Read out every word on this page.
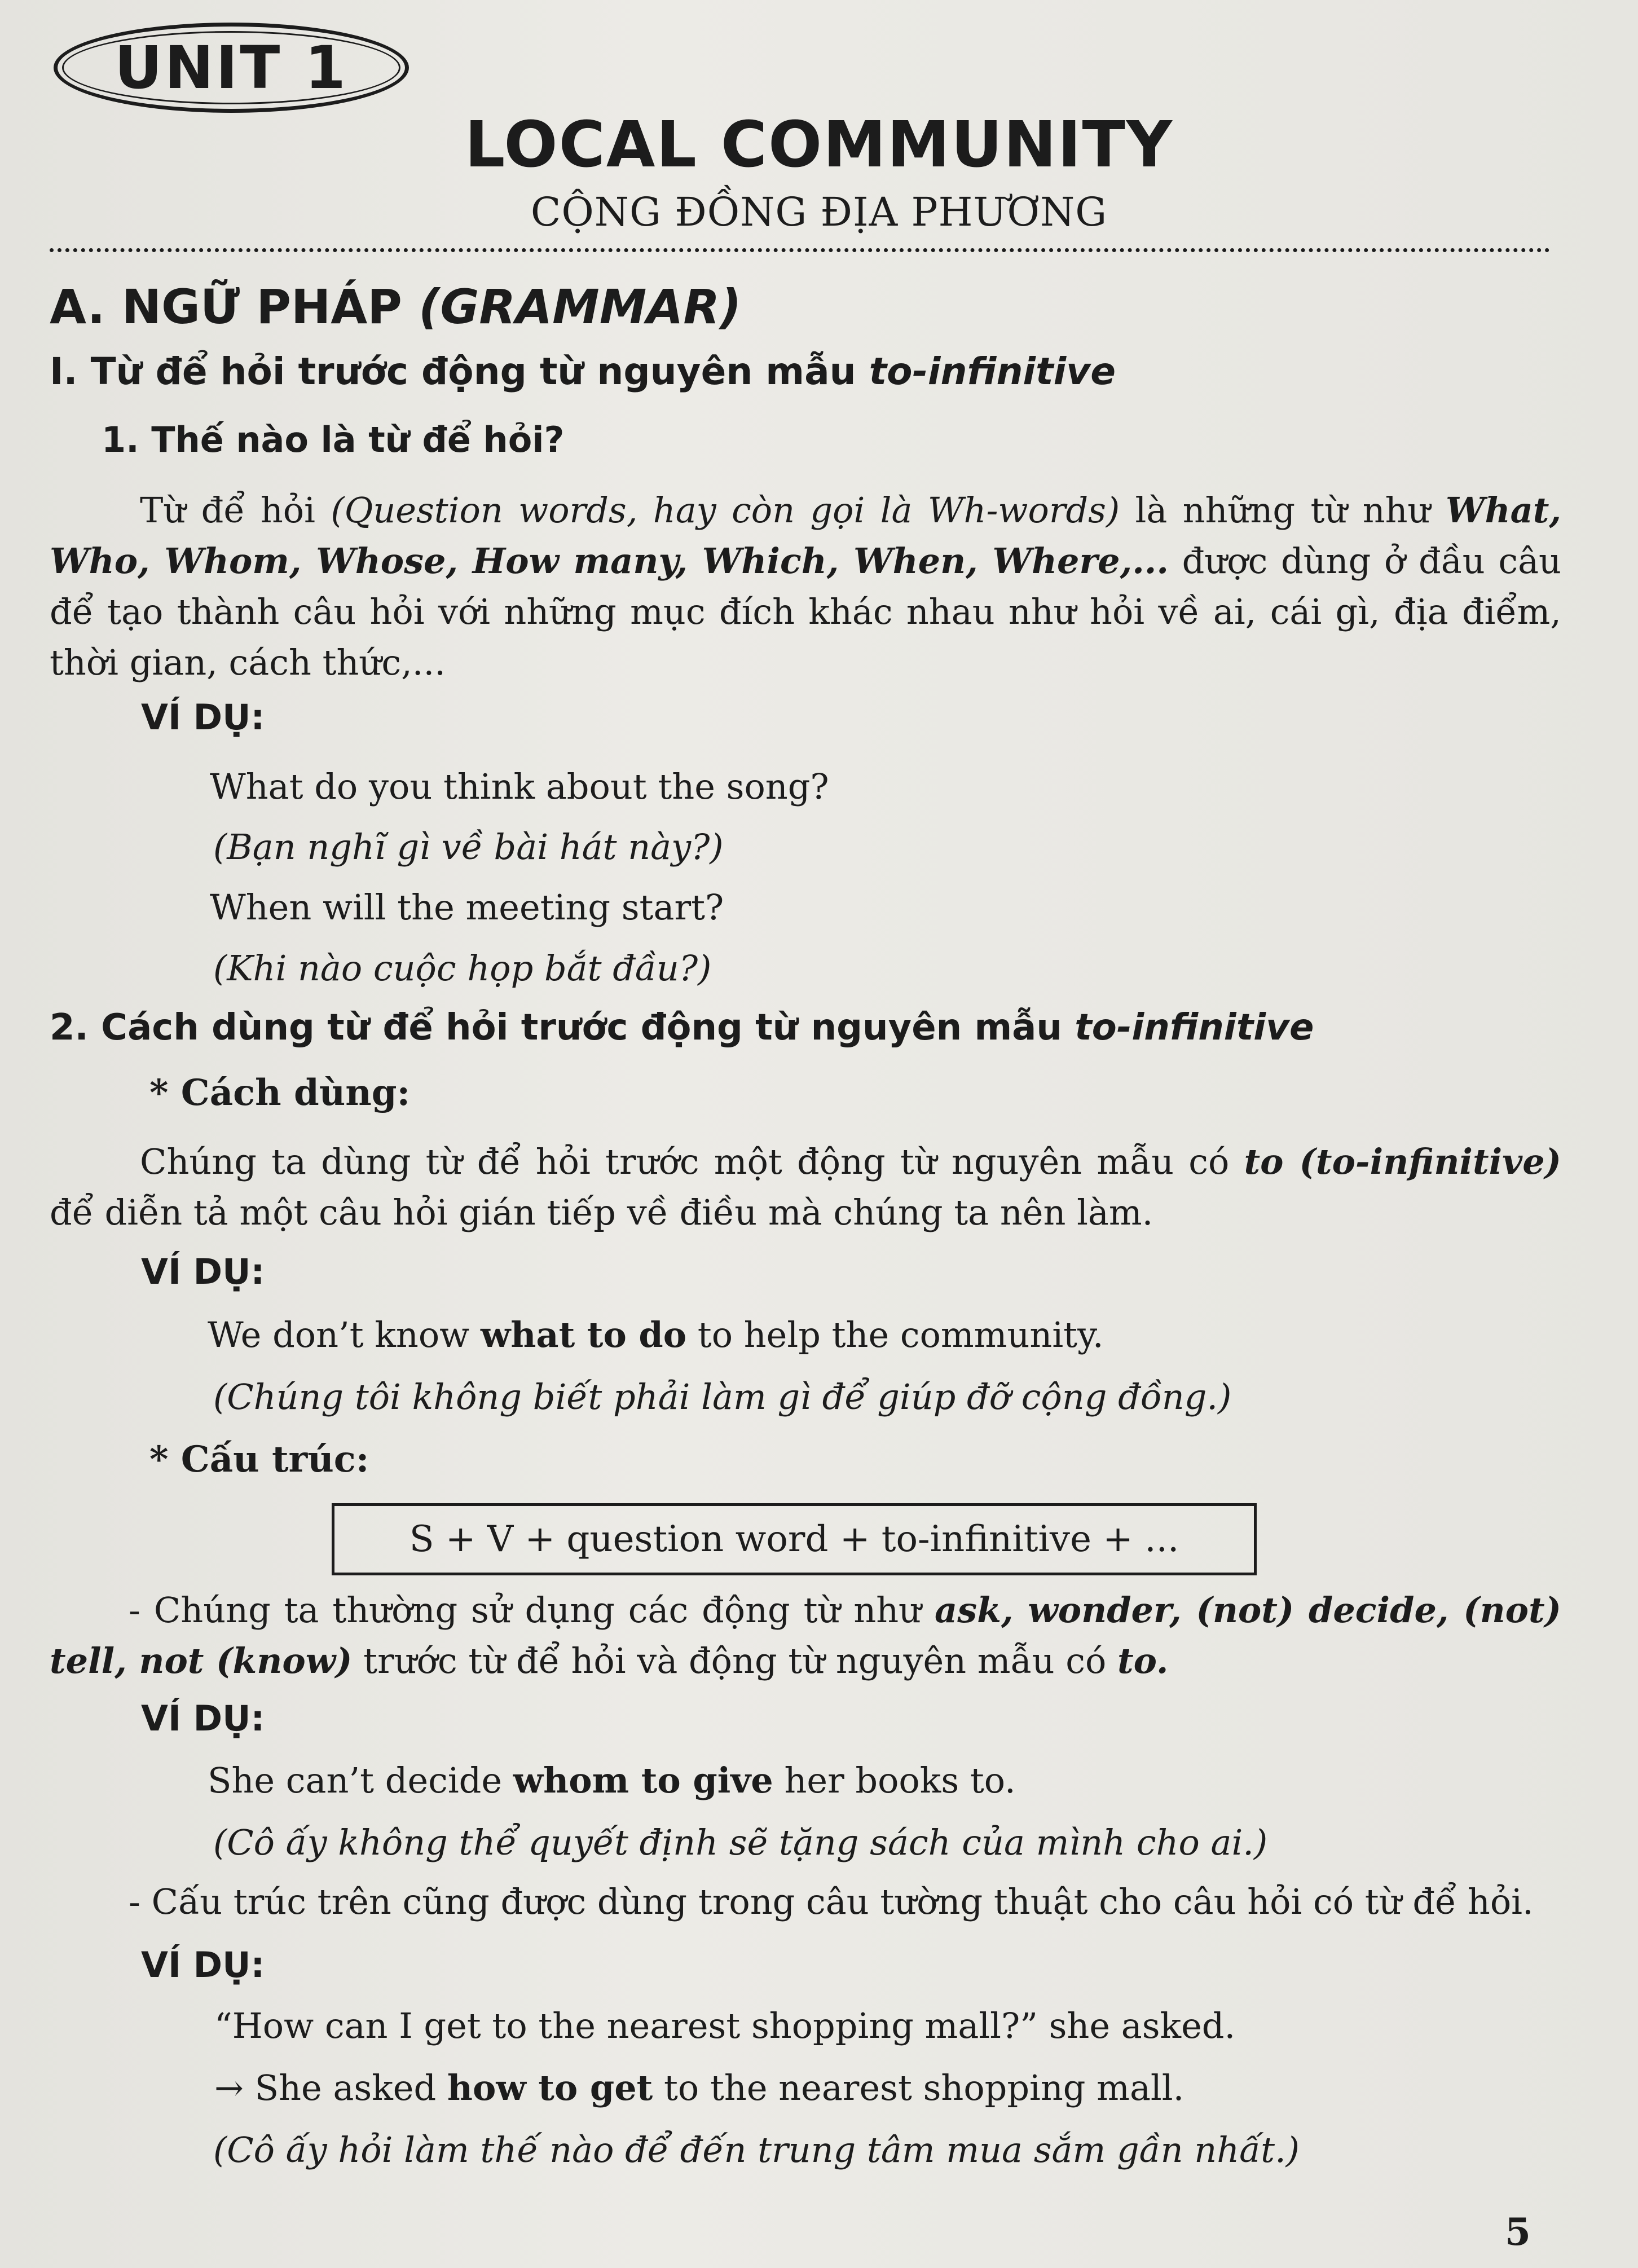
UNIT 1
LOCAL COMMUNITY
CỘNG ĐỒNG ĐỊA PHƯƠNG
A. NGỮ PHÁP (GRAMMAR)
I. Từ để hỏi trước động từ nguyên mẫu to-infinitive
1. Thế nào là từ để hỏi?
Từ để hỏi (Question words, hay còn gọi là Wh-words) là những từ như What, Who, Whom, Whose, How many, Which, When, Where,... được dùng ở đầu câu để tạo thành câu hỏi với những mục đích khác nhau như hỏi về ai, cái gì, địa điểm, thời gian, cách thức,...
VÍ DỤ:
What do you think about the song?
(Bạn nghĩ gì về bài hát này?)
When will the meeting start?
(Khi nào cuộc họp bắt đầu?)
2. Cách dùng từ để hỏi trước động từ nguyên mẫu to-infinitive
* Cách dùng:
Chúng ta dùng từ để hỏi trước một động từ nguyên mẫu có to (to-infinitive) để diễn tả một câu hỏi gián tiếp về điều mà chúng ta nên làm.
VÍ DỤ:
We don’t know what to do to help the community.
(Chúng tôi không biết phải làm gì để giúp đỡ cộng đồng.)
* Cấu trúc:
S + V + question word + to-infinitive + ...
- Chúng ta thường sử dụng các động từ như ask, wonder, (not) decide, (not) tell, not (know) trước từ để hỏi và động từ nguyên mẫu có to.
VÍ DỤ:
She can’t decide whom to give her books to.
(Cô ấy không thể quyết định sẽ tặng sách của mình cho ai.)
- Cấu trúc trên cũng được dùng trong câu tường thuật cho câu hỏi có từ để hỏi.
VÍ DỤ:
“How can I get to the nearest shopping mall?” she asked.
→ She asked how to get to the nearest shopping mall.
(Cô ấy hỏi làm thế nào để đến trung tâm mua sắm gần nhất.)
5
